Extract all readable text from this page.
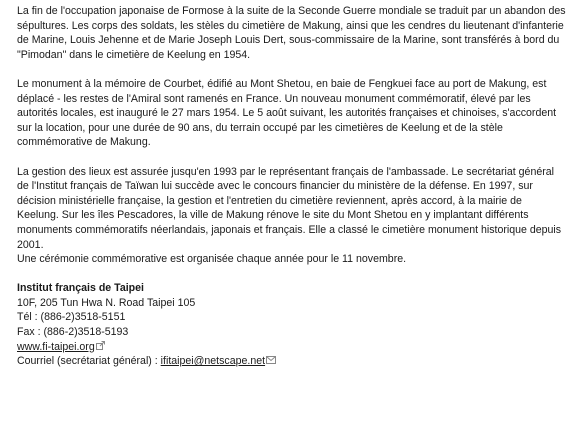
La fin de l'occupation japonaise de Formose à la suite de la Seconde Guerre mondiale se traduit par un abandon des
sépultures. Les corps des soldats, les stèles du cimetière de Makung, ainsi que les cendres du lieutenant d'infanterie
de Marine, Louis Jehenne et de Marie Joseph Louis Dert, sous-commissaire de la Marine, sont transférés à bord du
"Pimodan" dans le cimetière de Keelung en 1954.

Le monument à la mémoire de Courbet, édifié au Mont Shetou, en baie de Fengkuei face au port de Makung, est
déplacé - les restes de l'Amiral sont ramenés en France. Un nouveau monument commémoratif, élevé par les
autorités locales, est inauguré le 27 mars 1954. Le 5 août suivant, les autorités françaises et chinoises, s'accordent
sur la location, pour une durée de 90 ans, du terrain occupé par les cimetières de Keelung et de la stèle
commémorative de Makung.

La gestion des lieux est assurée jusqu'en 1993 par le représentant français de l'ambassade. Le secrétariat général
de l'Institut français de Taïwan lui succède avec le concours financier du ministère de la défense. En 1997, sur
décision ministérielle française, la gestion et l'entretien du cimetière reviennent, après accord, à la mairie de
Keelung. Sur les îles Pescadores, la ville de Makung rénove le site du Mont Shetou en y implantant différents
monuments commémoratifs néerlandais, japonais et français. Elle a classé le cimetière monument historique depuis
2001.
Une cérémonie commémorative est organisée chaque année pour le 11 novembre.

Institut français de Taipei
10F, 205 Tun Hwa N. Road Taipei 105
Tél : (886-2)3518-5151
Fax : (886-2)3518-5193
www.fi-taipei.org
Courriel (secrétariat général) : ifitaipei@netscape.net
